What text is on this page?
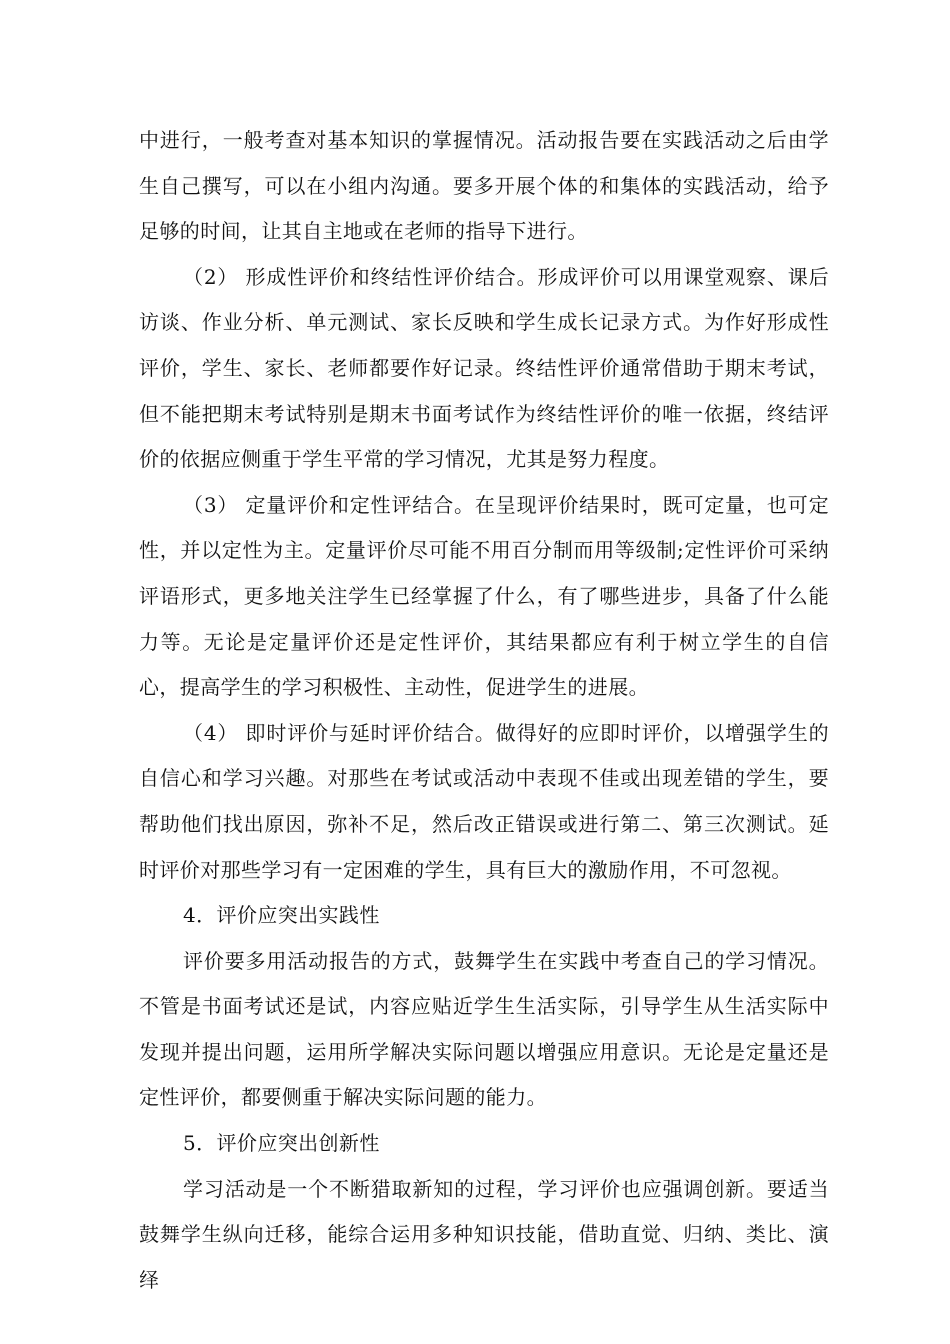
中进行，一般考查对基本知识的掌握情况。活动报告要在实践活动之后由学生自己撰写，可以在小组内沟通。要多开展个体的和集体的实践活动，给予足够的时间，让其自主地或在老师的指导下进行。

（2） 形成性评价和终结性评价结合。形成评价可以用课堂观察、课后访谈、作业分析、单元测试、家长反映和学生成长记录方式。为作好形成性评价，学生、家长、老师都要作好记录。终结性评价通常借助于期末考试，但不能把期末考试特别是期末书面考试作为终结性评价的唯一依据，终结评价的依据应侧重于学生平常的学习情况，尤其是努力程度。

（3） 定量评价和定性评结合。在呈现评价结果时，既可定量，也可定性，并以定性为主。定量评价尽可能不用百分制而用等级制;定性评价可采纳评语形式，更多地关注学生已经掌握了什么，有了哪些进步，具备了什么能力等。无论是定量评价还是定性评价，其结果都应有利于树立学生的自信心，提高学生的学习积极性、主动性，促进学生的进展。

（4） 即时评价与延时评价结合。做得好的应即时评价，以增强学生的自信心和学习兴趣。对那些在考试或活动中表现不佳或出现差错的学生，要帮助他们找出原因，弥补不足，然后改正错误或进行第二、第三次测试。延时评价对那些学习有一定困难的学生，具有巨大的激励作用，不可忽视。

4．评价应突出实践性

评价要多用活动报告的方式，鼓舞学生在实践中考查自己的学习情况。不管是书面考试还是试，内容应贴近学生生活实际，引导学生从生活实际中发现并提出问题，运用所学解决实际问题以增强应用意识。无论是定量还是定性评价，都要侧重于解决实际问题的能力。

5．评价应突出创新性

学习活动是一个不断猎取新知的过程，学习评价也应强调创新。要适当鼓舞学生纵向迁移，能综合运用多种知识技能，借助直觉、归纳、类比、演绎
